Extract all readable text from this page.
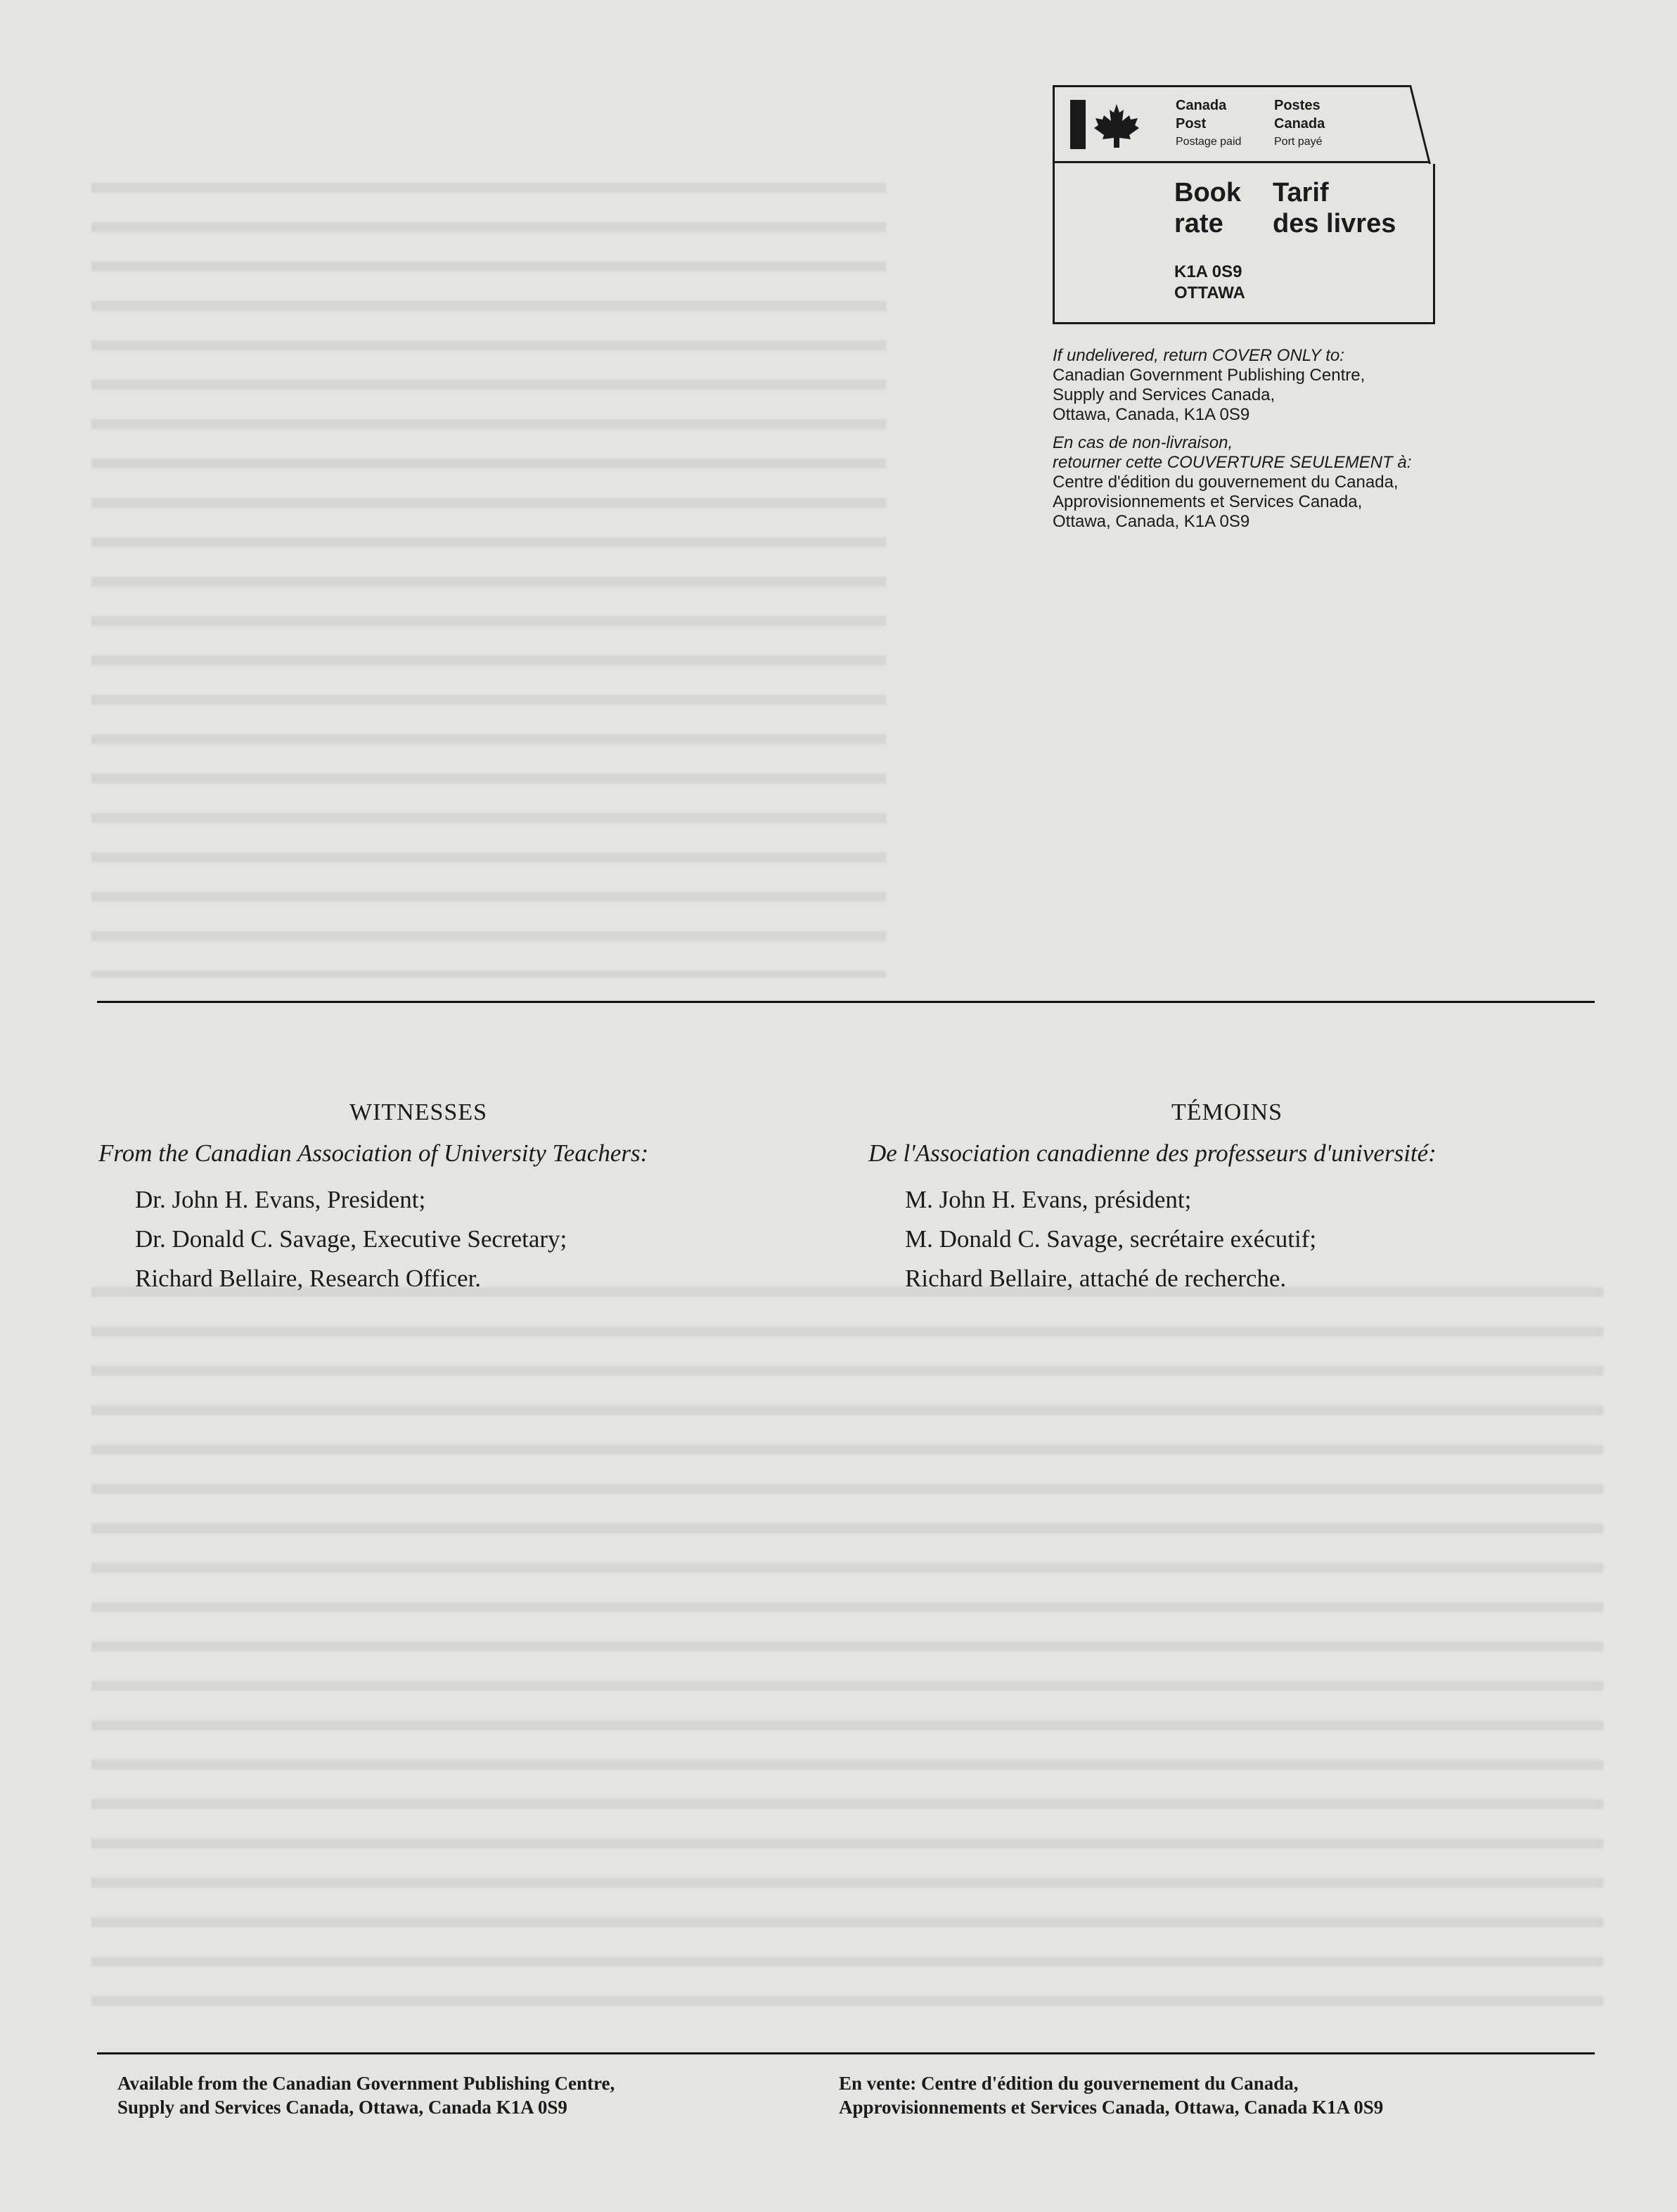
Canada	Postes
Post	Canada
Postage paid	Port payé
Book	Tarif
rate	des livres
K1A 0S9
OTTAWA
If undelivered, return COVER ONLY to:
Canadian Government Publishing Centre,
Supply and Services Canada,
Ottawa, Canada, K1A 0S9
En cas de non-livraison,
retourner cette COUVERTURE SEULEMENT à:
Centre d'édition du gouvernement du Canada,
Approvisionnements et Services Canada,
Ottawa, Canada, K1A 0S9
WITNESSES
From the Canadian Association of University Teachers:
Dr. John H. Evans, President;
Dr. Donald C. Savage, Executive Secretary;
Richard Bellaire, Research Officer.
TÉMOINS
De l'Association canadienne des professeurs d'université:
M. John H. Evans, président;
M. Donald C. Savage, secrétaire exécutif;
Richard Bellaire, attaché de recherche.
Available from the Canadian Government Publishing Centre,
Supply and Services Canada, Ottawa, Canada K1A 0S9
En vente: Centre d'édition du gouvernement du Canada,
Approvisionnements et Services Canada, Ottawa, Canada K1A 0S9
